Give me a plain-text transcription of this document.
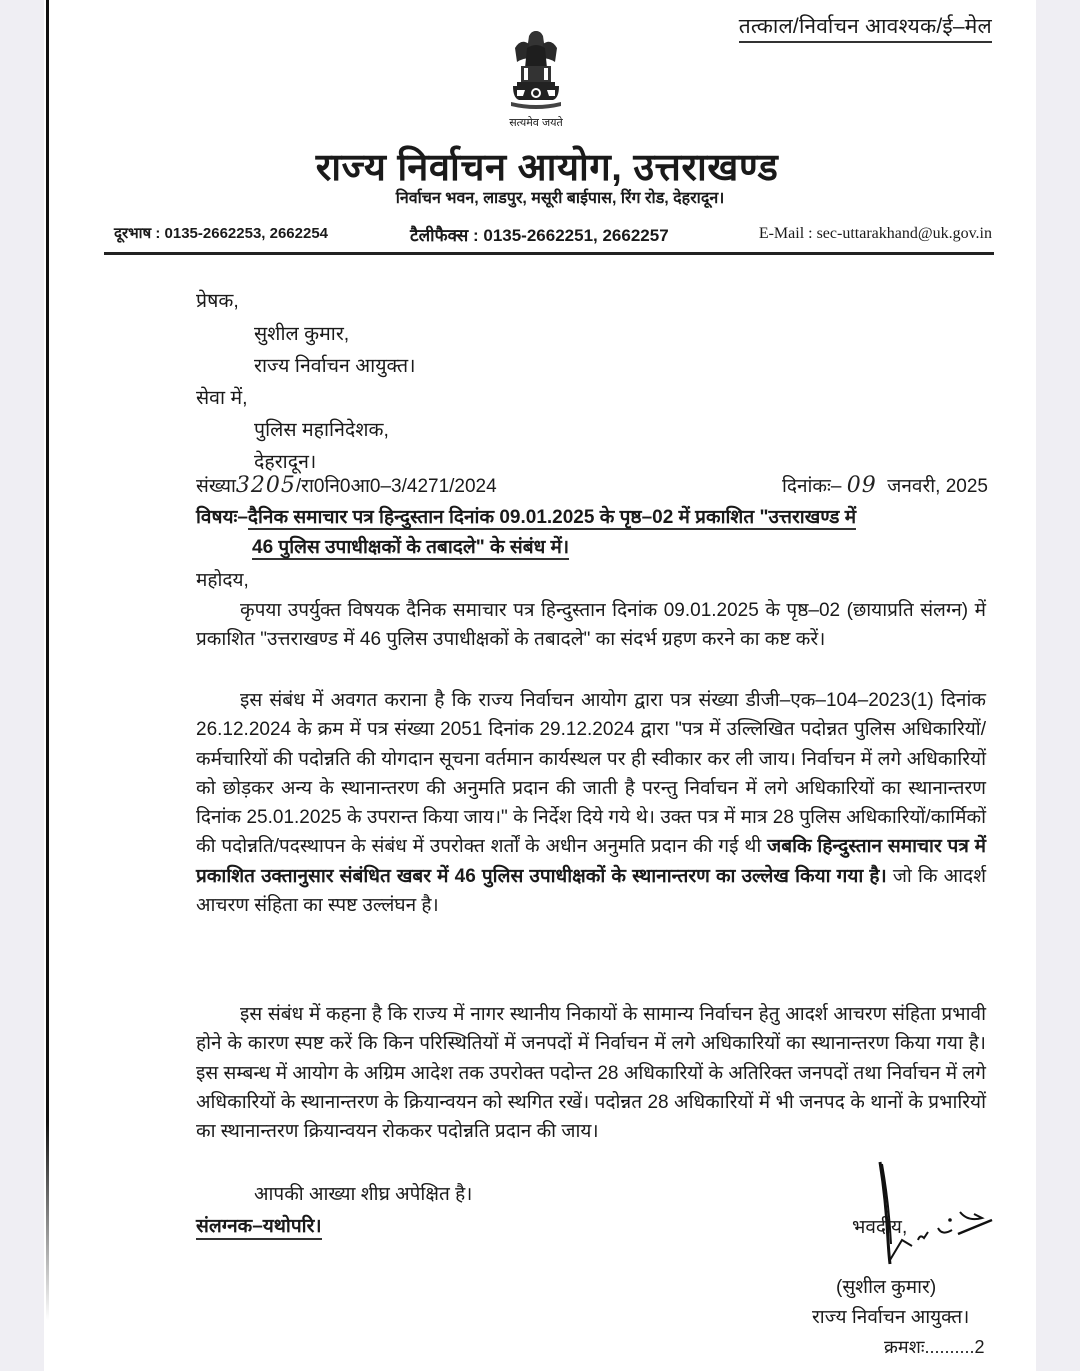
तत्काल/निर्वाचन आवश्यक/ई–मेल
सत्यमेव जयते
राज्य निर्वाचन आयोग, उत्तराखण्ड
निर्वाचन भवन, लाडपुर, मसूरी बाईपास, रिंग रोड, देहरादून।
दूरभाष : 0135-2662253, 2662254	टैलीफैक्स : 0135-2662251, 2662257	E-Mail : sec-uttarakhand@uk.gov.in
प्रेषक,
सुशील कुमार,
राज्य निर्वाचन आयुक्त।
सेवा में,
पुलिस महानिदेशक,
देहरादून।
संख्या3205/रा0नि0आ0–3/4271/2024	दिनांकः– 09 जनवरी, 2025
विषयः–दैनिक समाचार पत्र हिन्दुस्तान दिनांक 09.01.2025 के पृष्ठ–02 में प्रकाशित "उत्तराखण्ड में
46 पुलिस उपाधीक्षकों के तबादले" के संबंध में।
महोदय,
कृपया उपर्युक्त विषयक दैनिक समाचार पत्र हिन्दुस्तान दिनांक 09.01.2025 के पृष्ठ–02 (छायाप्रति संलग्न) में प्रकाशित "उत्तराखण्ड में 46 पुलिस उपाधीक्षकों के तबादले" का संदर्भ ग्रहण करने का कष्ट करें।
इस संबंध में अवगत कराना है कि राज्य निर्वाचन आयोग द्वारा पत्र संख्या डीजी–एक–104–2023(1) दिनांक 26.12.2024 के क्रम में पत्र संख्या 2051 दिनांक 29.12.2024 द्वारा "पत्र में उल्लिखित पदोन्नत पुलिस अधिकारियों/कर्मचारियों की पदोन्नति की योगदान सूचना वर्तमान कार्यस्थल पर ही स्वीकार कर ली जाय। निर्वाचन में लगे अधिकारियों को छोड़कर अन्य के स्थानान्तरण की अनुमति प्रदान की जाती है परन्तु निर्वाचन में लगे अधिकारियों का स्थानान्तरण दिनांक 25.01.2025 के उपरान्त किया जाय।" के निर्देश दिये गये थे। उक्त पत्र में मात्र 28 पुलिस अधिकारियों/कार्मिकों की पदोन्नति/पदस्थापन के संबंध में उपरोक्त शर्तों के अधीन अनुमति प्रदान की गई थी जबकि हिन्दुस्तान समाचार पत्र में प्रकाशित उक्तानुसार संबंधित खबर में 46 पुलिस उपाधीक्षकों के स्थानान्तरण का उल्लेख किया गया है। जो कि आदर्श आचरण संहिता का स्पष्ट उल्लंघन है।
इस संबंध में कहना है कि राज्य में नागर स्थानीय निकायों के सामान्य निर्वाचन हेतु आदर्श आचरण संहिता प्रभावी होने के कारण स्पष्ट करें कि किन परिस्थितियों में जनपदों में निर्वाचन में लगे अधिकारियों का स्थानान्तरण किया गया है। इस सम्बन्ध में आयोग के अग्रिम आदेश तक उपरोक्त पदोन्त 28 अधिकारियों के अतिरिक्त जनपदों तथा निर्वाचन में लगे अधिकारियों के स्थानान्तरण के क्रियान्वयन को स्थगित रखें। पदोन्नत 28 अधिकारियों में भी जनपद के थानों के प्रभारियों का स्थानान्तरण क्रियान्वयन रोककर पदोन्नति प्रदान की जाय।
आपकी आख्या शीघ्र अपेक्षित है।
संलग्नक–यथोपरि।	भवदीय,
(सुशील कुमार)
राज्य निर्वाचन आयुक्त।
क्रमशः..........2
